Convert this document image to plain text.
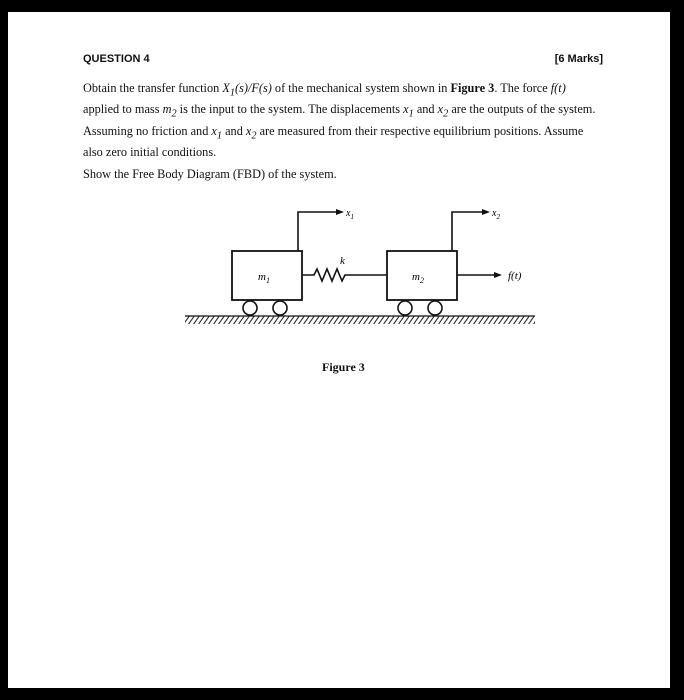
QUESTION 4	[6 Marks]

Obtain the transfer function $X_1(s)/F(s)$ of the mechanical system shown in Figure 3. The force f(t) applied to mass $m_2$ is the input to the system. The displacements $x_1$ and $x_2$ are the outputs of the system. Assuming no friction and $x_1$ and $x_2$ are measured from their respective equilibrium positions. Assume also zero initial conditions.

Show the Free Body Diagram (FBD) of the system.

$m_1$	$m_2$
k
$x_1$	$x_2$
f(t)
Figure 3
